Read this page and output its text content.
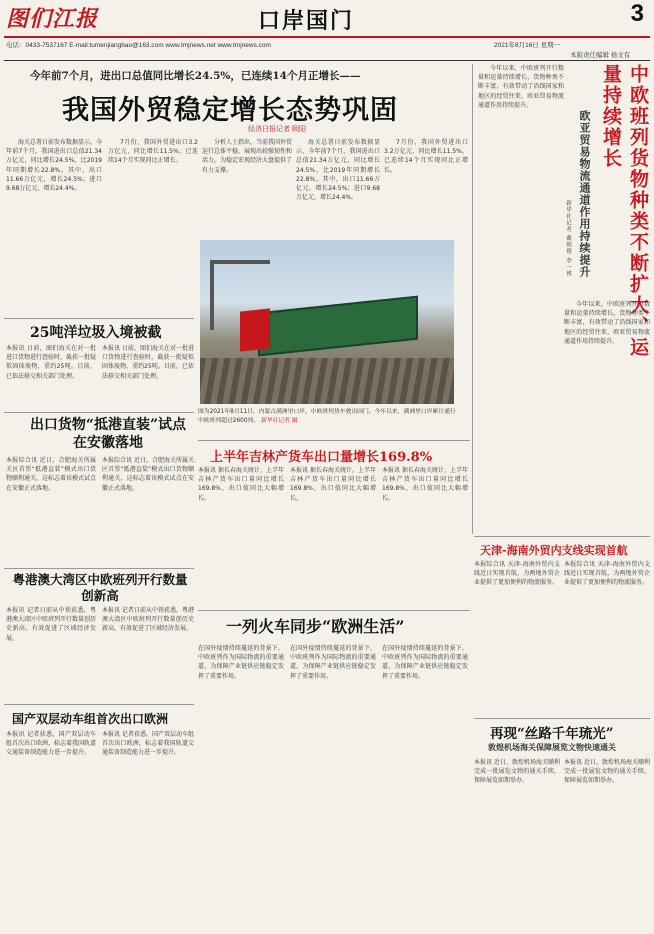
图们江报	口岸国门	3
电话：0433-7537167 E-mail:tumenjiangbao@163.com www.tmjnews.net www.tmjnews.com	2021年8月16日 星期一
本版责任编辑 杨文有
今年前7个月，进出口总值同比增长24.5%，已连续14个月正增长——
我国外贸稳定增长态势巩固
经济日报记者 顾阳

海关总署日前发布数据显示，今年前7个月，我国进出口总值21.34万亿元，同比增长24.5%，比2019年同期增长22.8%。其中，出口11.66万亿元，增长24.5%；进口9.68万亿元，增长24.4%。

7月份，我国外贸进出口3.2万亿元，同比增长11.5%，已连续14个月实现同比正增长。

分析人士指出，当前我国外贸运行总体平稳，展现出较强韧性和活力，为稳定宏观经济大盘提供了有力支撑。

海关总署日前发布数据显示，今年前7个月，我国进出口总值21.34万亿元，同比增长24.5%，比2019年同期增长22.8%。其中，出口11.66万亿元，增长24.5%；进口9.68万亿元，增长24.4%。

7月份，我国外贸进出口3.2万亿元，同比增长11.5%，已连续14个月实现同比正增长。

图为2021年8月11日，内蒙古满洲里口岸，中欧班列货车驶出国门。今年以来，满洲里口岸累计通行中欧班列超过2600列。 新华社记者 摄

今年以来，中欧班列开行数量和运量持续增长，货物种类不断丰富，有效带动了沿线国家和地区的经贸往来，欧亚贸易物流通道作用持续提升。	中欧班列货物种类不断扩大、运量持续增长
欧亚贸易物流通道作用持续提升
新华社记者 戴锦镕 李一博

今年以来，中欧班列开行数量和运量持续增长，货物种类不断丰富，有效带动了沿线国家和地区的经贸往来，欧亚贸易物流通道作用持续提升。

25吨洋垃圾入境被截
本报讯 日前，图们海关在对一批进口货物进行查验时，截获一批疑似固体废物，重约25吨。目前，已依法移交相关部门处理。
本报讯 日前，图们海关在对一批进口货物进行查验时，截获一批疑似固体废物，重约25吨。目前，已依法移交相关部门处理。
出口货物“抵港直装”试点在安徽落地
本报综合讯 近日，合肥海关所属关区首票“抵港直装”模式出口货物顺利通关，这标志着该模式试点在安徽正式落地。
本报综合讯 近日，合肥海关所属关区首票“抵港直装”模式出口货物顺利通关，这标志着该模式试点在安徽正式落地。
粤港澳大湾区中欧班列开行数量创新高
本报讯 记者日前从中铁获悉，粤港澳大湾区中欧班列开行数量创历史新高，有效促进了区域经济发展。
本报讯 记者日前从中铁获悉，粤港澳大湾区中欧班列开行数量创历史新高，有效促进了区域经济发展。
国产双层动车组首次出口欧洲
本报讯 记者获悉，国产双层动车组首次出口欧洲，标志着我国轨道交通装备制造能力进一步提升。
本报讯 记者获悉，国产双层动车组首次出口欧洲，标志着我国轨道交通装备制造能力进一步提升。
上半年吉林产货车出口量增长169.8%
本报讯 据长春海关统计，上半年吉林产货车出口量同比增长169.8%，出口值同比大幅增长。
本报讯 据长春海关统计，上半年吉林产货车出口量同比增长169.8%，出口值同比大幅增长。
本报讯 据长春海关统计，上半年吉林产货车出口量同比增长169.8%，出口值同比大幅增长。
一列火车同步“欧洲生活”
在国外疫情持续蔓延的背景下，中欧班列作为国际物流的重要通道，为保障产业链供应链稳定发挥了重要作用。
在国外疫情持续蔓延的背景下，中欧班列作为国际物流的重要通道，为保障产业链供应链稳定发挥了重要作用。
在国外疫情持续蔓延的背景下，中欧班列作为国际物流的重要通道，为保障产业链供应链稳定发挥了重要作用。
天津-海南外贸内支线实现首航
本报综合讯 天津-海南外贸内支线近日实现首航，为两地外贸企业提供了更加便利的物流服务。
本报综合讯 天津-海南外贸内支线近日实现首航，为两地外贸企业提供了更加便利的物流服务。
再现“丝路千年琉光”
敦煌机场海关保障展览文物快速通关
本报讯 近日，敦煌机场海关顺利完成一批展览文物的通关手续，保障展览如期举办。
本报讯 近日，敦煌机场海关顺利完成一批展览文物的通关手续，保障展览如期举办。
